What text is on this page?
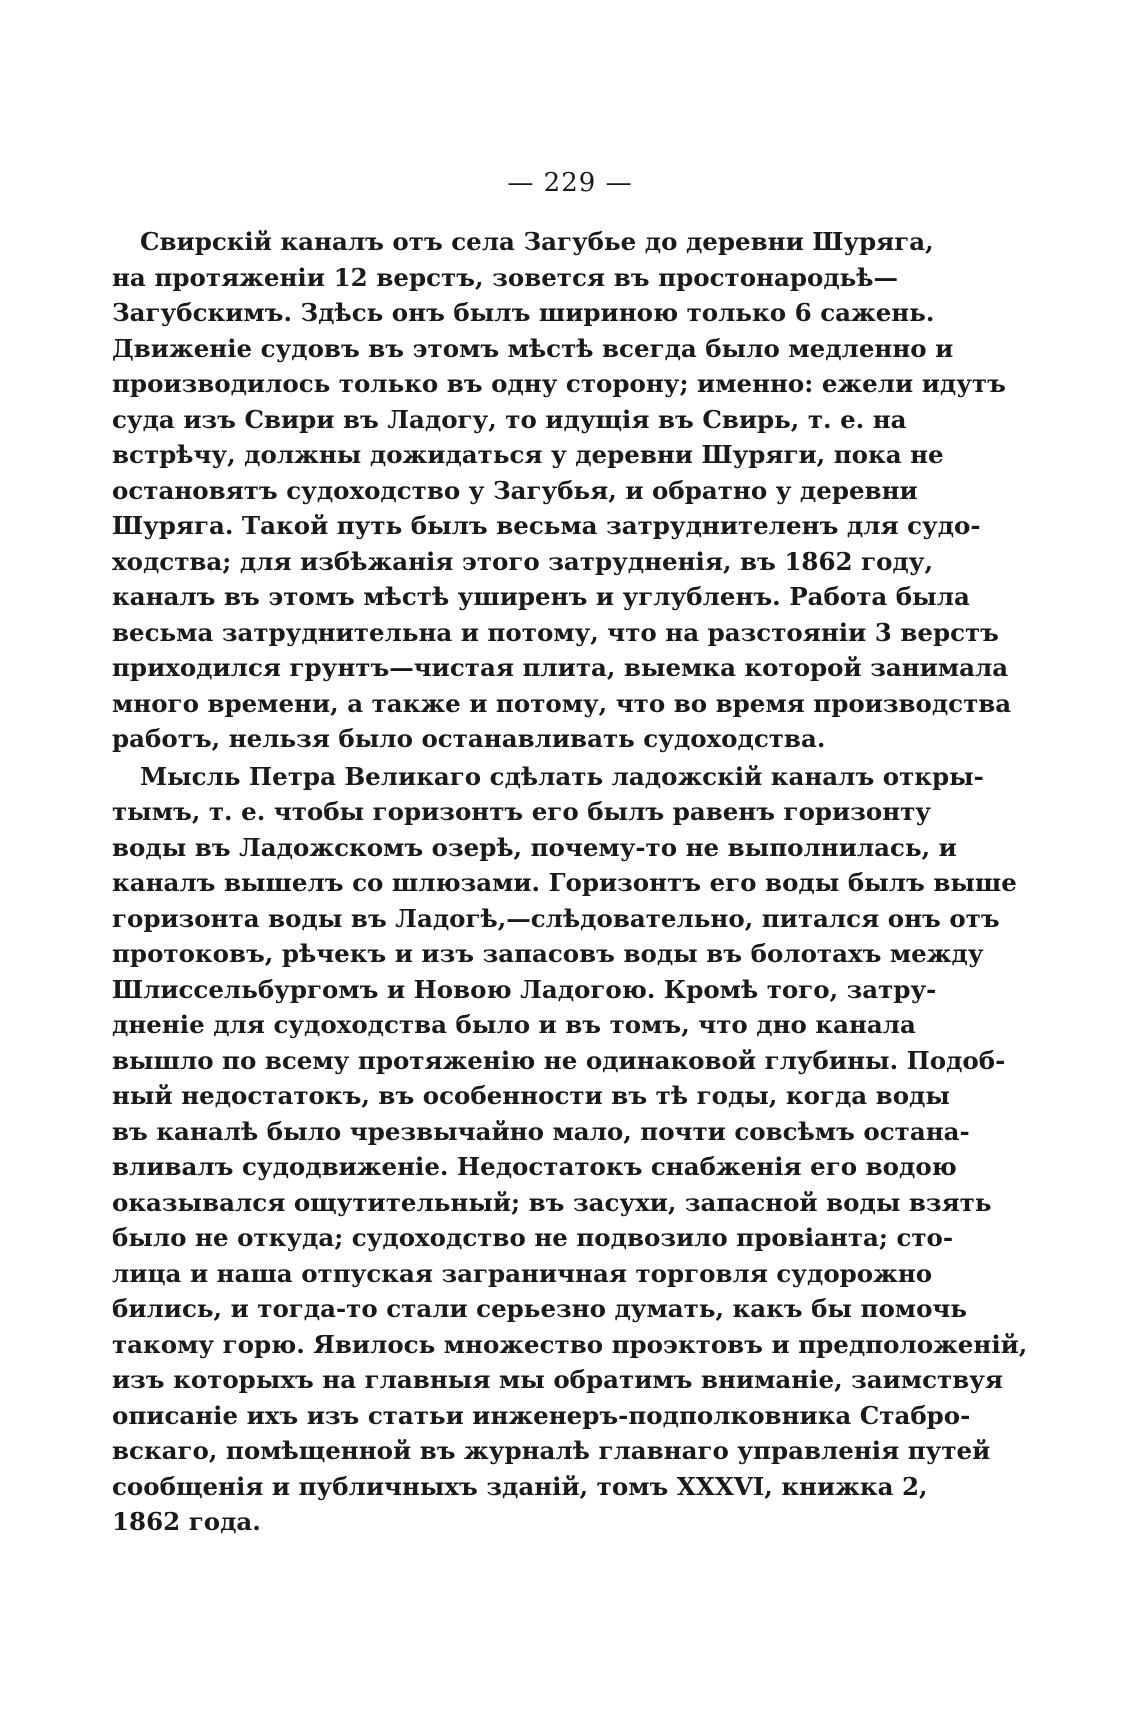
— 229 —
Свирскій каналъ отъ села Загубье до деревни Шуряга,
на протяженіи 12 верстъ, зовется въ простонародьѣ—
Загубскимъ. Здѣсь онъ былъ шириною только 6 сажень.
Движеніе судовъ въ этомъ мѣстѣ всегда было медленно и
производилось только въ одну сторону; именно: ежели идутъ
суда изъ Свири въ Ладогу, то идущія въ Свирь, т. е. на
встрѣчу, должны дожидаться у деревни Шуряги, пока не
остановятъ судоходство у Загубья, и обратно у деревни
Шуряга. Такой путь былъ весьма затруднителенъ для судо-
ходства; для избѣжанія этого затрудненія, въ 1862 году,
каналъ въ этомъ мѣстѣ уширенъ и углубленъ. Работа была
весьма затруднительна и потому, что на разстояніи 3 верстъ
приходился грунтъ—чистая плита, выемка которой занимала
много времени, а также и потому, что во время производства
работъ, нельзя было останавливать судоходства.
Мысль Петра Великаго сдѣлать ладожскій каналъ откры-
тымъ, т. е. чтобы горизонтъ его былъ равенъ горизонту
воды въ Ладожскомъ озерѣ, почему-то не выполнилась, и
каналъ вышелъ со шлюзами. Горизонтъ его воды былъ выше
горизонта воды въ Ладогѣ,—слѣдовательно, питался онъ отъ
протоковъ, рѣчекъ и изъ запасовъ воды въ болотахъ между
Шлиссельбургомъ и Новою Ладогою. Кромѣ того, затру-
дненіе для судоходства было и въ томъ, что дно канала
вышло по всему протяженію не одинаковой глубины. Подоб-
ный недостатокъ, въ особенности въ тѣ годы, когда воды
въ каналѣ было чрезвычайно мало, почти совсѣмъ остана-
вливалъ судодвиженіе. Недостатокъ снабженія его водою
оказывался ощутительный; въ засухи, запасной воды взять
было не откуда; судоходство не подвозило провіанта; сто-
лица и наша отпуская заграничная торговля судорожно
бились, и тогда-то стали серьезно думать, какъ бы помочь
такому горю. Явилось множество проэктовъ и предположеній,
изъ которыхъ на главныя мы обратимъ вниманіе, заимствуя
описаніе ихъ изъ статьи инженеръ-подполковника Стабро-
вскаго, помѣщенной въ журналѣ главнаго управленія путей
сообщенія и публичныхъ зданій, томъ XXXVI, книжка 2,
1862 года.
